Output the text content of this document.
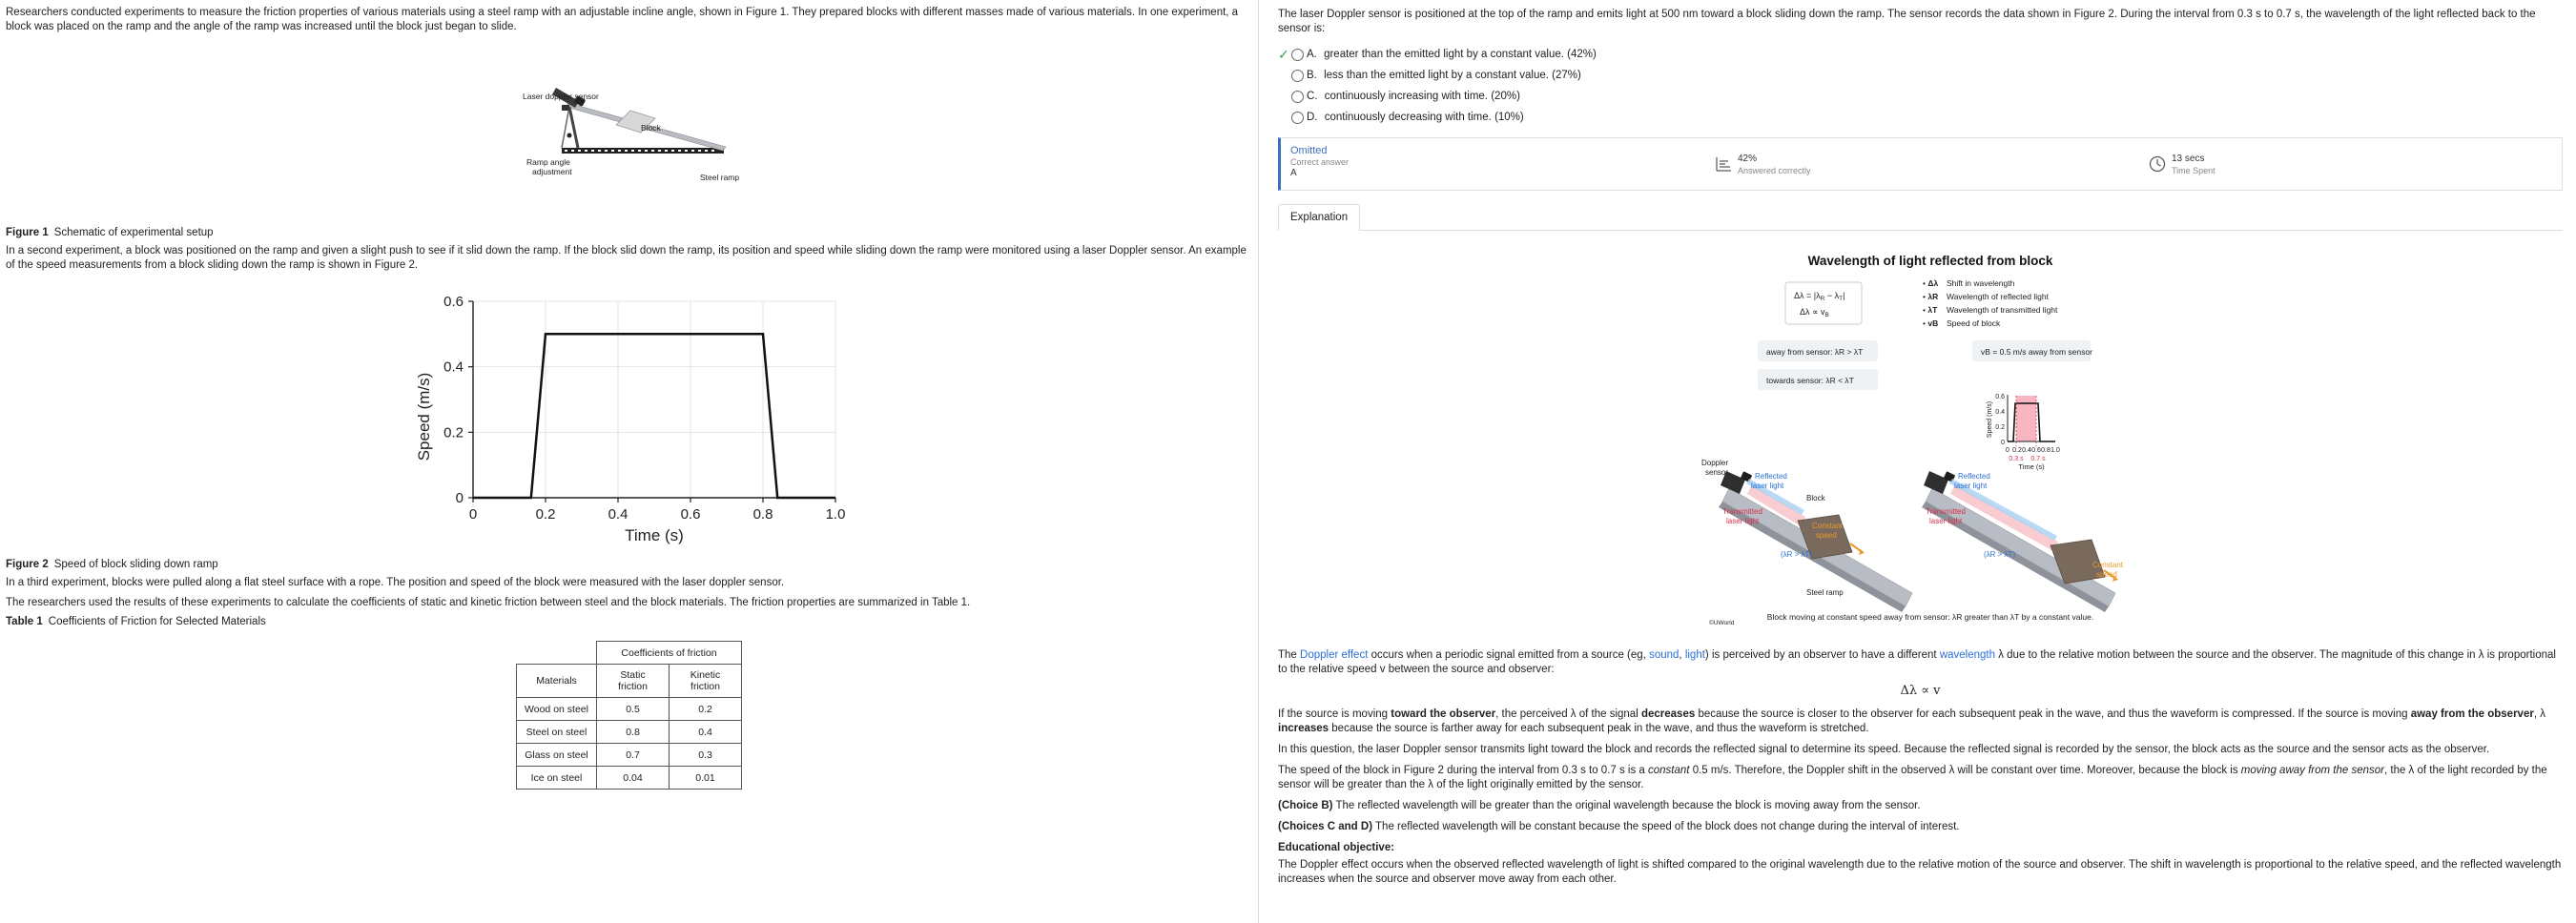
Researchers conducted experiments to measure the friction properties of various materials using a steel ramp with an adjustable incline angle, shown in Figure 1. They prepared blocks with different masses made of various materials. In one experiment, a block was placed on the ramp and the angle of the ramp was increased until the block just began to slide.

Laser doppler sensor
Block
Ramp angle
adjustment
Steel ramp
Figure 1 Schematic of experimental setup

In a second experiment, a block was positioned on the ramp and given a slight push to see if it slid down the ramp. If the block slid down the ramp, its position and speed while sliding down the ramp were monitored using a laser Doppler sensor. An example of the speed measurements from a block sliding down the ramp is shown in Figure 2.

0	0.2	0.4	0.6	0.8	1.0
0
0.2
0.4
0.6
Time (s)
Speed (m/s)
Figure 2 Speed of block sliding down ramp

In a third experiment, blocks were pulled along a flat steel surface with a rope. The position and speed of the block were measured with the laser doppler sensor.

The researchers used the results of these experiments to calculate the coefficients of static and kinetic friction between steel and the block materials. The friction properties are summarized in Table 1.

Table 1 Coefficients of Friction for Selected Materials
	Coefficients of friction	
Materials	Static friction	Kinetic friction
Wood on steel	0.5	0.2
Steel on steel	0.8	0.4
Glass on steel	0.7	0.3
Ice on steel	0.04	0.01

The laser Doppler sensor is positioned at the top of the ramp and emits light at 500 nm toward a block sliding down the ramp. The sensor records the data shown in Figure 2. During the interval from 0.3 s to 0.7 s, the wavelength of the light reflected back to the sensor is:

✓ A. greater than the emitted light by a constant value. (42%)
B. less than the emitted light by a constant value. (27%)
C. continuously increasing with time. (20%)
D. continuously decreasing with time. (10%)
Omitted
Correct answer
A
42%
Answered correctly
13 secs
Time Spent
Explanation
Wavelength of light reflected from block
$\Delta\lambda = |\lambda_R - \lambda_T|$
$\Delta\lambda \propto v_B$
• Δλ Shift in wavelength
• λR Wavelength of reflected light
• λT Wavelength of transmitted light
• vB Speed of block
away from sensor: λR > λT
towards sensor: λR < λT
vB = 0.5 m/s away from sensor
0
0.2
0.4
0.6
0 0.2 0.4 0.6 0.8 1.0
0.3 s 0.7 s
Time (s)
Speed (m/s)
Doppler
sensor	Reflected
laser light
Transmitted
laser light
Block
Constant
speed
(λR > λT)
Steel ramp
Reflected
laser light
Transmitted
laser light
(λR > λT)
Constant
speed
©UWorld
Block moving at constant speed away from sensor: λR greater than λT by a constant value.

The Doppler effect occurs when a periodic signal emitted from a source (eg, sound, light) is perceived by an observer to have a different wavelength λ due to the relative motion between the source and the observer. The magnitude of this change in λ is proportional to the relative speed v between the source and observer:

Δλ ∝ v

If the source is moving toward the observer, the perceived λ of the signal decreases because the source is closer to the observer for each subsequent peak in the wave, and thus the waveform is compressed. If the source is moving away from the observer, λ increases because the source is farther away for each subsequent peak in the wave, and thus the waveform is stretched.

In this question, the laser Doppler sensor transmits light toward the block and records the reflected signal to determine its speed. Because the reflected signal is recorded by the sensor, the block acts as the source and the sensor acts as the observer.

The speed of the block in Figure 2 during the interval from 0.3 s to 0.7 s is a constant 0.5 m/s. Therefore, the Doppler shift in the observed λ will be constant over time. Moreover, because the block is moving away from the sensor, the λ of the light recorded by the sensor will be greater than the λ of the light originally emitted by the sensor.

(Choice B) The reflected wavelength will be greater than the original wavelength because the block is moving away from the sensor.

(Choices C and D) The reflected wavelength will be constant because the speed of the block does not change during the interval of interest.

Educational objective:

The Doppler effect occurs when the observed reflected wavelength of light is shifted compared to the original wavelength due to the relative motion of the source and observer. The shift in wavelength is proportional to the relative speed, and the reflected wavelength increases when the source and observer move away from each other.
